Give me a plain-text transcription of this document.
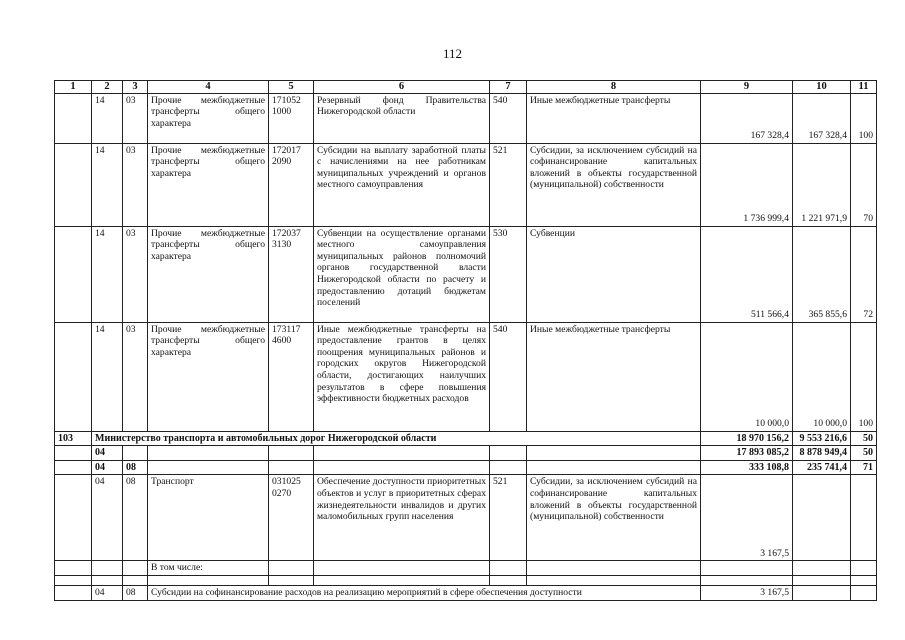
112
1	2	3	4	5	6	7	8	9	10	11
	14	03	Прочие межбюджетные трансферты общего характера	171052 1000	Резервный фонд Правительства Нижегородской области	540	Иные межбюджетные трансферты	167 328,4	167 328,4	100
	14	03	Прочие межбюджетные трансферты общего характера	172017 2090	Субсидии на выплату заработной платы с начислениями на нее работникам муниципальных учреждений и органов местного самоуправления	521	Субсидии, за исключением субсидий на софинансирование капитальных вложений в объекты государственной (муниципальной) собственности	1 736 999,4	1 221 971,9	70
	14	03	Прочие межбюджетные трансферты общего характера	172037 3130	Субвенции на осуществление органами местного самоуправления муниципальных районов полномочий органов государственной власти Нижегородской области по расчету и предоставлению дотаций бюджетам поселений	530	Субвенции	511 566,4	365 855,6	72
	14	03	Прочие межбюджетные трансферты общего характера	173117 4600	Иные межбюджетные трансферты на предоставление грантов в целях поощрения муниципальных районов и городских округов Нижегородской области, достигающих наилучших результатов в сфере повышения эффективности бюджетных расходов	540	Иные межбюджетные трансферты	10 000,0	10 000,0	100
103	Министерство транспорта и автомобильных дорог Нижегородской области							18 970 156,2	9 553 216,6	50
	04							17 893 085,2	8 878 949,4	50
	04	08						333 108,8	235 741,4	71
	04	08	Транспорт	031025 0270	Обеспечение доступности приоритетных объектов и услуг в приоритетных сферах жизнедеятельности инвалидов и других маломобильных групп населения	521	Субсидии, за исключением субсидий на софинансирование капитальных вложений в объекты государственной (муниципальной) собственности	3 167,5		
			В том числе:							

	04	08	Субсидии на софинансирование расходов на реализацию мероприятий в сфере обеспечения доступности					3 167,5		
